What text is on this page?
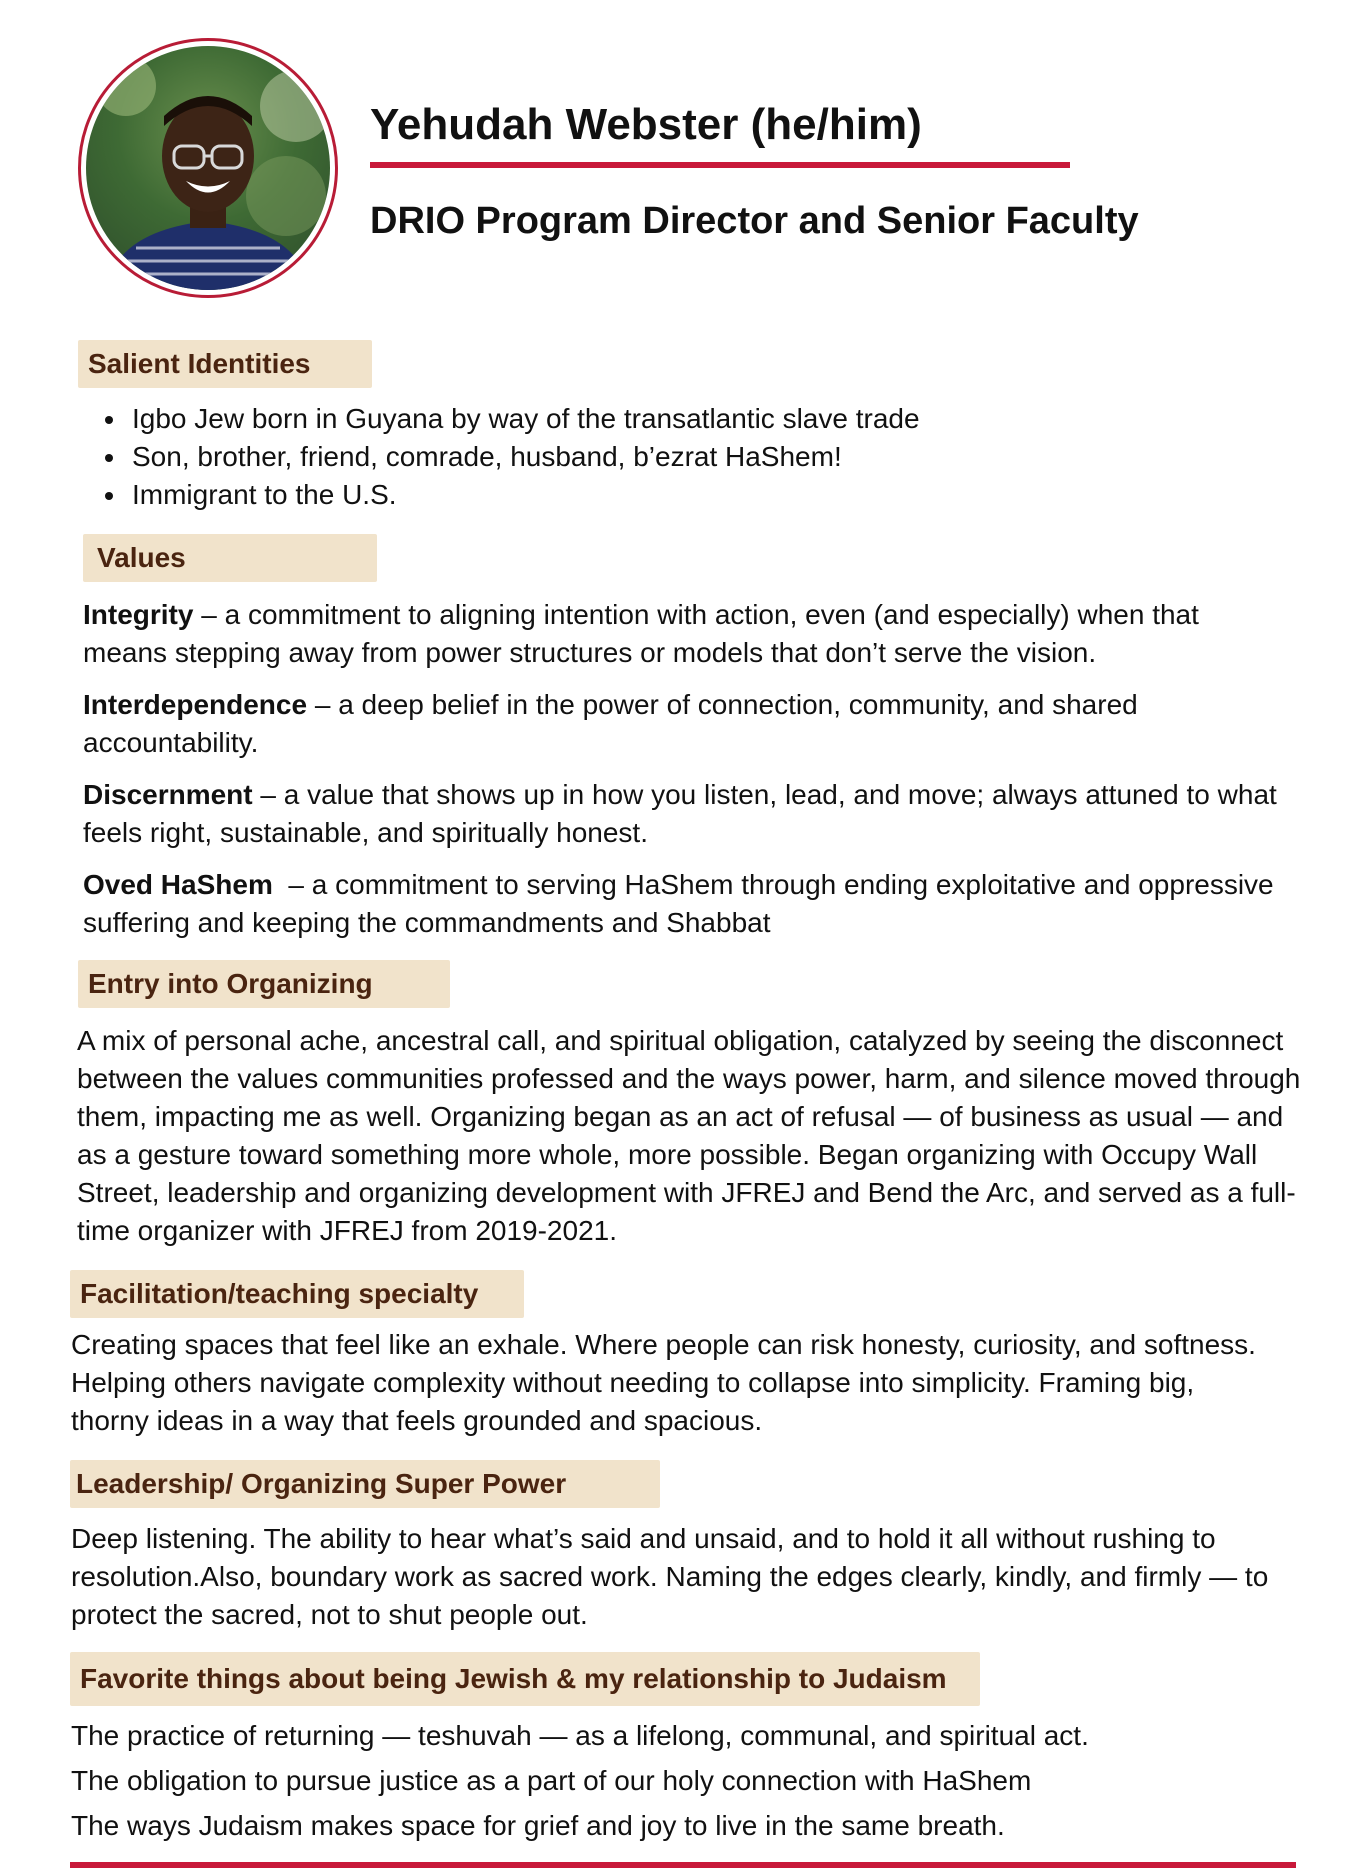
Yehudah Webster (he/him)
DRIO Program Director and Senior Faculty
Salient Identities
• Igbo Jew born in Guyana by way of the transatlantic slave trade
• Son, brother, friend, comrade, husband, b’ezrat HaShem!
• Immigrant to the U.S.
Values
Integrity – a commitment to aligning intention with action, even (and especially) when that means stepping away from power structures or models that don’t serve the vision.
Interdependence – a deep belief in the power of connection, community, and shared accountability.
Discernment – a value that shows up in how you listen, lead, and move; always attuned to what feels right, sustainable, and spiritually honest.
Oved HaShem  – a commitment to serving HaShem through ending exploitative and oppressive suffering and keeping the commandments and Shabbat
Entry into Organizing
A mix of personal ache, ancestral call, and spiritual obligation, catalyzed by seeing the disconnect between the values communities professed and the ways power, harm, and silence moved through them, impacting me as well. Organizing began as an act of refusal — of business as usual — and as a gesture toward something more whole, more possible. Began organizing with Occupy Wall Street, leadership and organizing development with JFREJ and Bend the Arc, and served as a full-time organizer with JFREJ from 2019-2021.
Facilitation/teaching specialty
Creating spaces that feel like an exhale. Where people can risk honesty, curiosity, and softness. Helping others navigate complexity without needing to collapse into simplicity. Framing big, thorny ideas in a way that feels grounded and spacious.
Leadership/ Organizing Super Power
Deep listening. The ability to hear what’s said and unsaid, and to hold it all without rushing to resolution.Also, boundary work as sacred work. Naming the edges clearly, kindly, and firmly — to protect the sacred, not to shut people out.
Favorite things about being Jewish & my relationship to Judaism
The practice of returning — teshuvah — as a lifelong, communal, and spiritual act.
The obligation to pursue justice as a part of our holy connection with HaShem
The ways Judaism makes space for grief and joy to live in the same breath.
